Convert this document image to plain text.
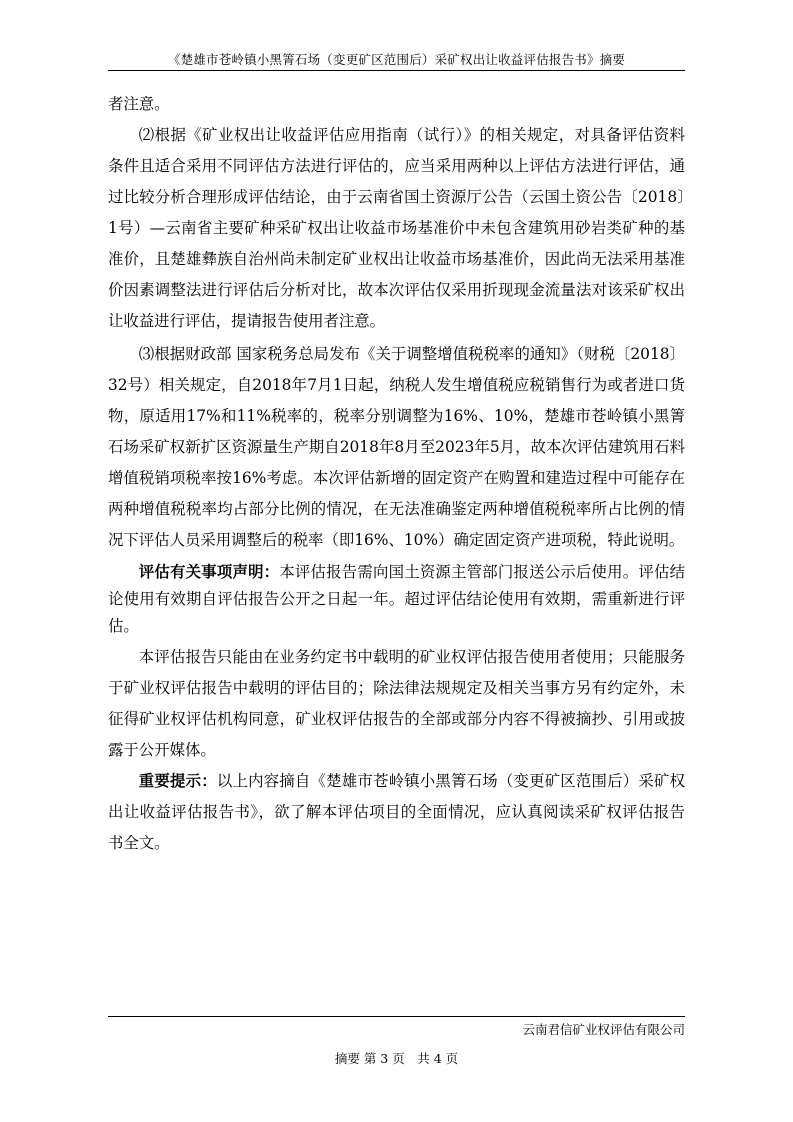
《楚雄市苍岭镇小黑箐石场（变更矿区范围后）采矿权出让收益评估报告书》摘要

者注意。

⑵根据《矿业权出让收益评估应用指南（试行）》的相关规定，对具备评估资料条件且适合采用不同评估方法进行评估的，应当采用两种以上评估方法进行评估，通过比较分析合理形成评估结论，由于云南省国土资源厅公告（云国土资公告〔2018〕1号）—云南省主要矿种采矿权出让收益市场基准价中未包含建筑用砂岩类矿种的基准价，且楚雄彝族自治州尚未制定矿业权出让收益市场基准价，因此尚无法采用基准价因素调整法进行评估后分析对比，故本次评估仅采用折现现金流量法对该采矿权出让收益进行评估，提请报告使用者注意。

⑶根据财政部 国家税务总局发布《关于调整增值税税率的通知》（财税〔2018〕32号）相关规定，自2018年7月1日起，纳税人发生增值税应税销售行为或者进口货物，原适用17%和11%税率的，税率分别调整为16%、10%，楚雄市苍岭镇小黑箐石场采矿权新扩区资源量生产期自2018年8月至2023年5月，故本次评估建筑用石料增值税销项税率按16%考虑。本次评估新增的固定资产在购置和建造过程中可能存在两种增值税税率均占部分比例的情况，在无法准确鉴定两种增值税税率所占比例的情况下评估人员采用调整后的税率（即16%、10%）确定固定资产进项税，特此说明。

评估有关事项声明：本评估报告需向国土资源主管部门报送公示后使用。评估结论使用有效期自评估报告公开之日起一年。超过评估结论使用有效期，需重新进行评估。

本评估报告只能由在业务约定书中载明的矿业权评估报告使用者使用；只能服务于矿业权评估报告中载明的评估目的；除法律法规规定及相关当事方另有约定外，未征得矿业权评估机构同意，矿业权评估报告的全部或部分内容不得被摘抄、引用或披露于公开媒体。

重要提示：以上内容摘自《楚雄市苍岭镇小黑箐石场（变更矿区范围后）采矿权出让收益评估报告书》，欲了解本评估项目的全面情况，应认真阅读采矿权评估报告书全文。

云南君信矿业权评估有限公司
摘要 第 3 页　共 4 页
